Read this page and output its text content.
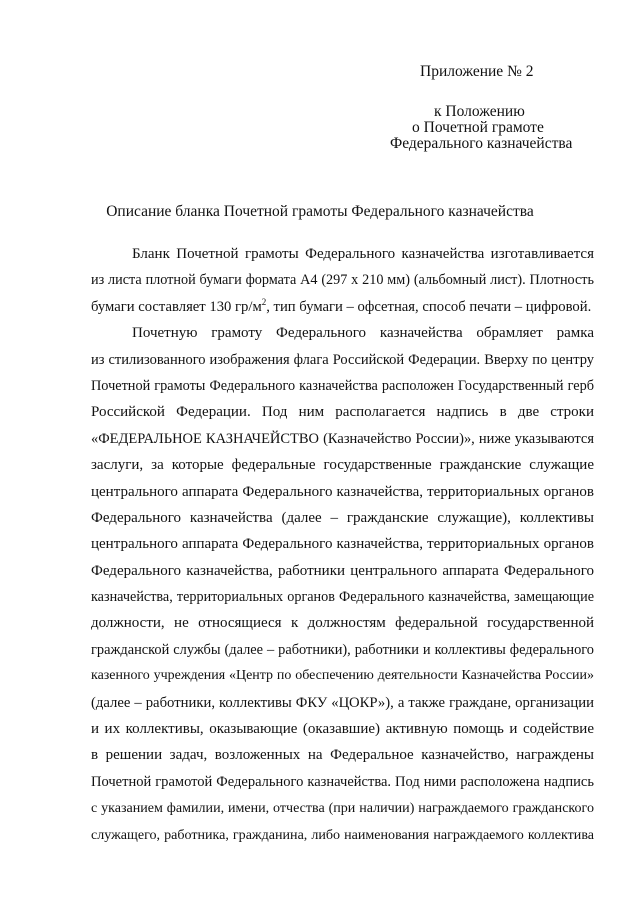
Приложение № 2
к Положению
о Почетной грамоте
Федерального казначейства
Описание бланка Почетной грамоты Федерального казначейства
Бланк Почетной грамоты Федерального казначейства изготавливается
из листа плотной бумаги формата А4 (297 х 210 мм) (альбомный лист). Плотность
бумаги составляет 130 $гр/м^2$, тип бумаги – офсетная, способ печати – цифровой.
Почетную грамоту Федерального казначейства обрамляет рамка
из стилизованного изображения флага Российской Федерации. Вверху по центру
Почетной грамоты Федерального казначейства расположен Государственный герб
Российской Федерации. Под ним располагается надпись в две строки
«ФЕДЕРАЛЬНОЕ КАЗНАЧЕЙСТВО (Казначейство России)», ниже указываются
заслуги, за которые федеральные государственные гражданские служащие
центрального аппарата Федерального казначейства, территориальных органов
Федерального казначейства (далее – гражданские служащие), коллективы
центрального аппарата Федерального казначейства, территориальных органов
Федерального казначейства, работники центрального аппарата Федерального
казначейства, территориальных органов Федерального казначейства, замещающие
должности, не относящиеся к должностям федеральной государственной
гражданской службы (далее – работники), работники и коллективы федерального
казенного учреждения «Центр по обеспечению деятельности Казначейства России»
(далее – работники, коллективы ФКУ «ЦОКР»), а также граждане, организации
и их коллективы, оказывающие (оказавшие) активную помощь и содействие
в решении задач, возложенных на Федеральное казначейство, награждены
Почетной грамотой Федерального казначейства. Под ними расположена надпись
с указанием фамилии, имени, отчества (при наличии) награждаемого гражданского
служащего, работника, гражданина, либо наименования награждаемого коллектива
